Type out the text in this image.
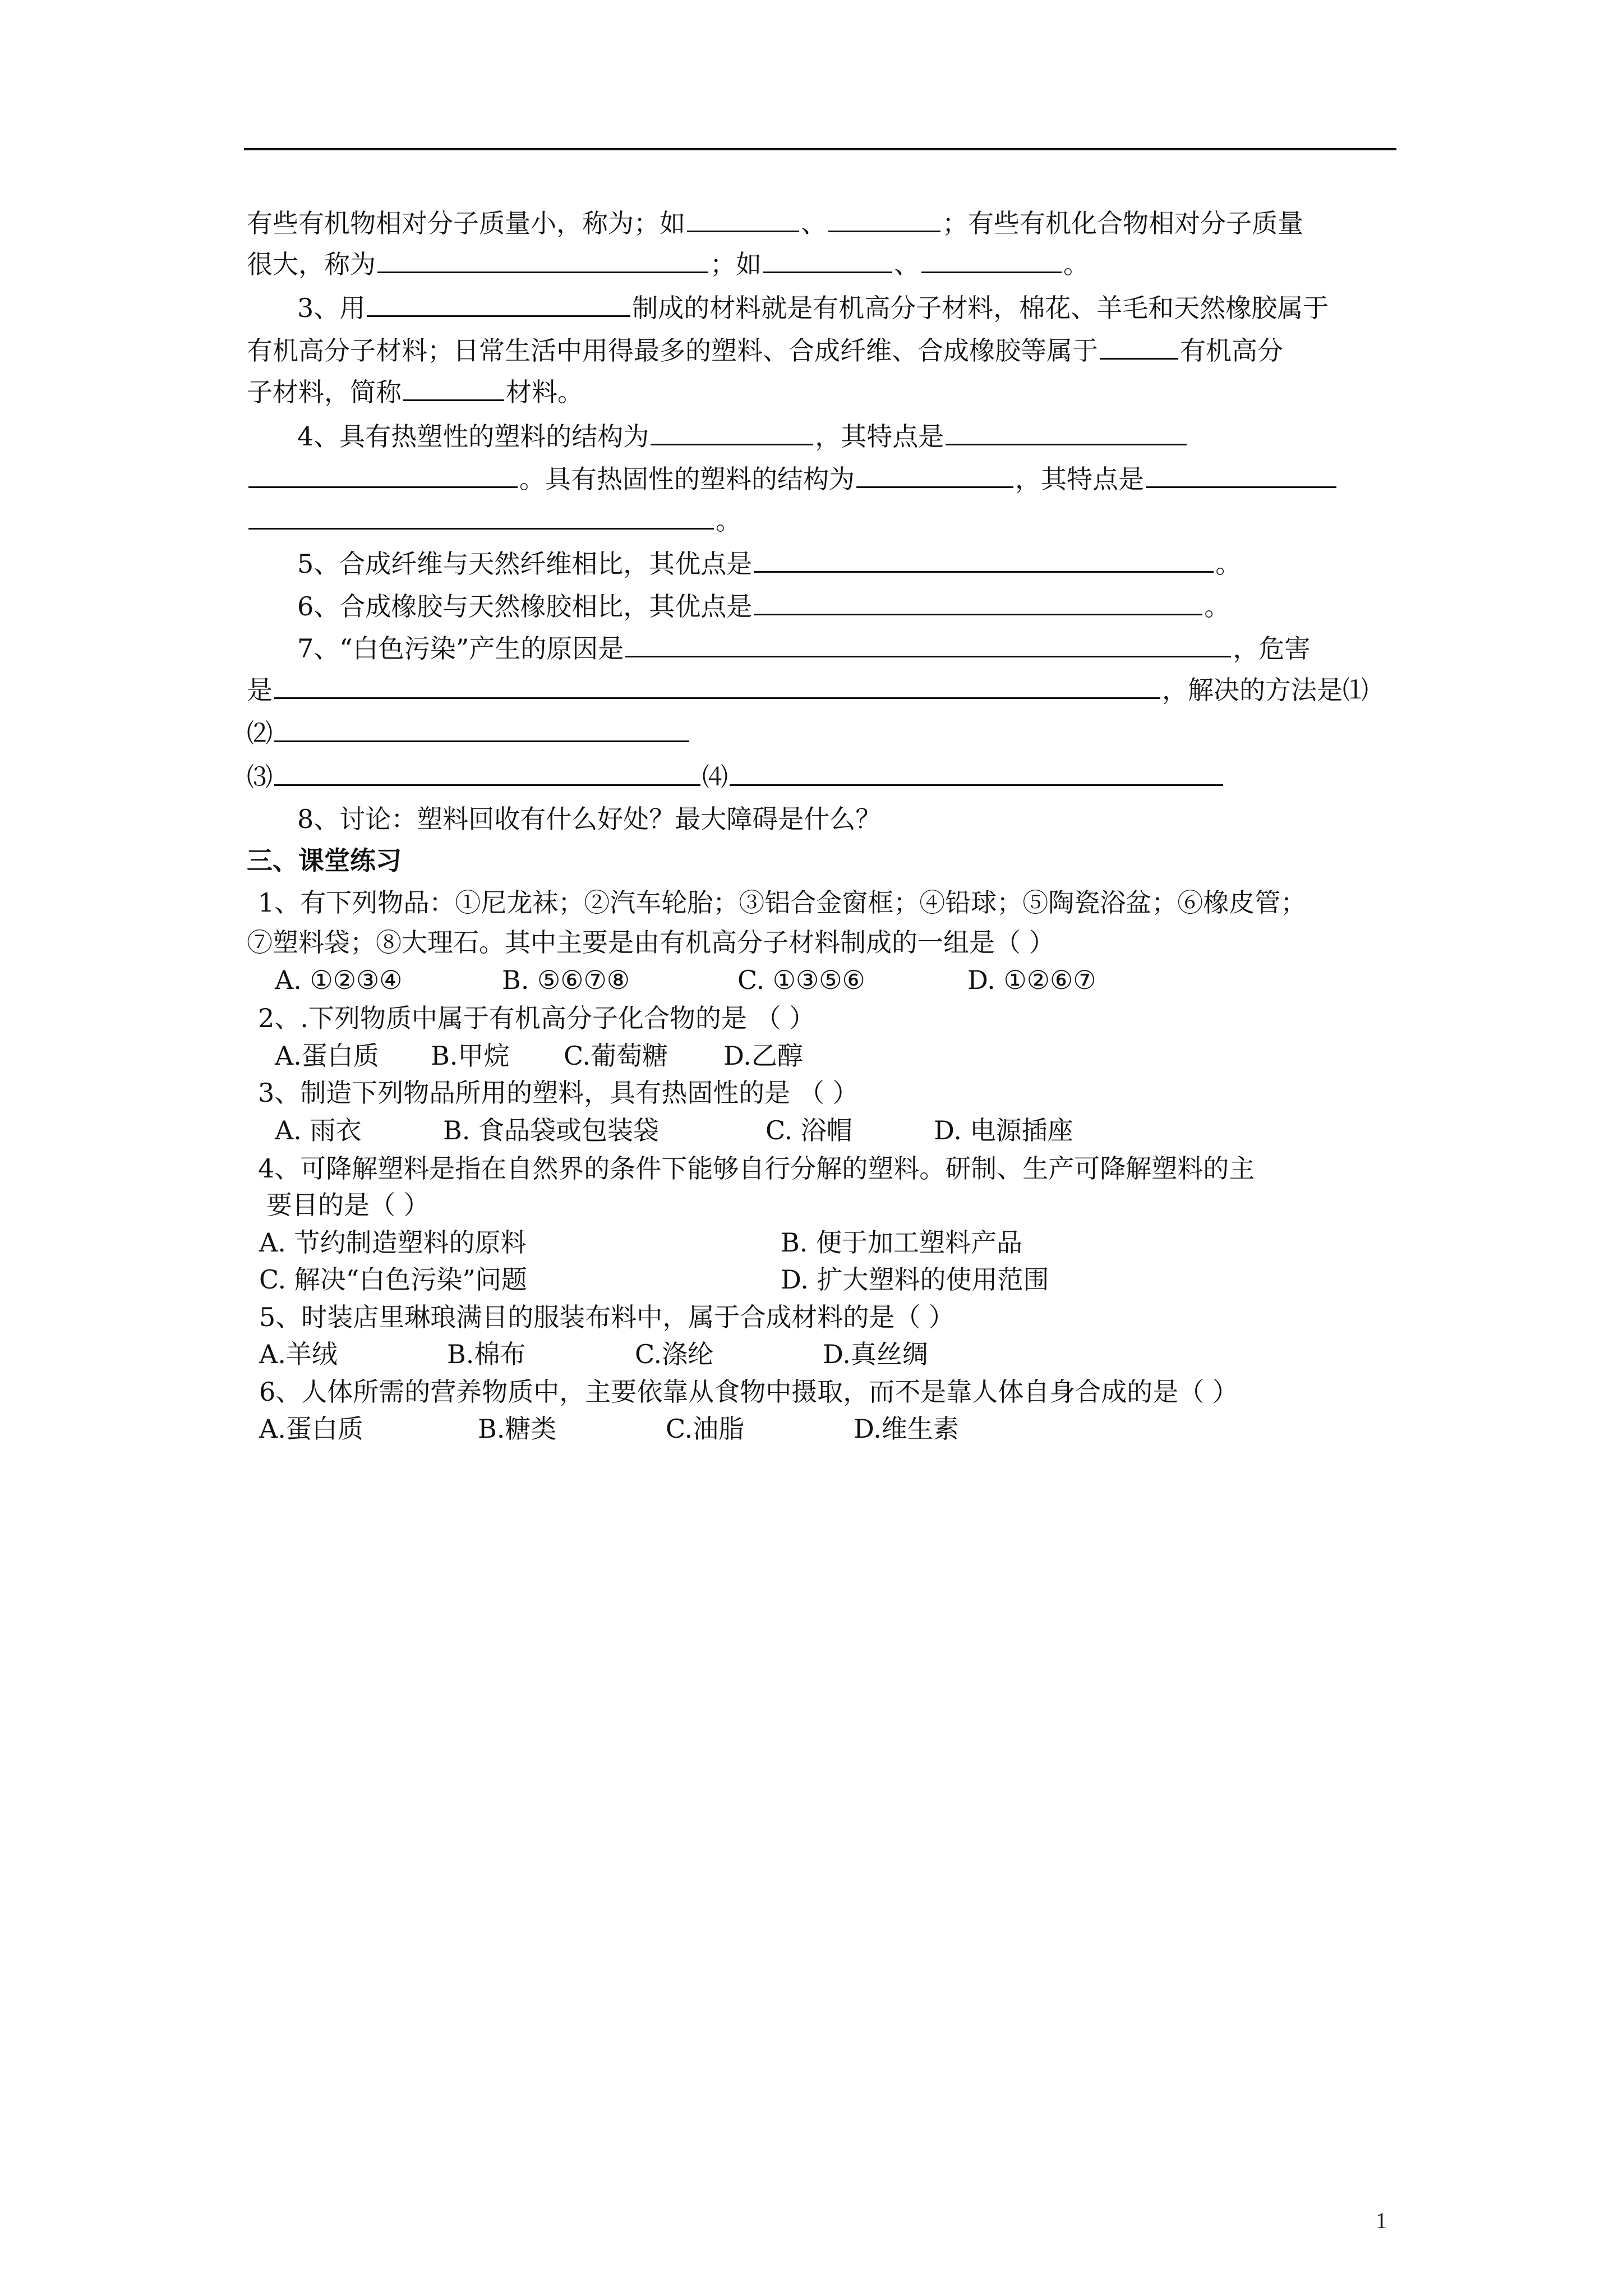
有些有机物相对分子质量小，称为；如	、	；有些有机化合物相对分子质量
很大，称为	；如	、	。
3、用	制成的材料就是有机高分子材料，棉花、羊毛和天然橡胶属于
有机高分子材料；日常生活中用得最多的塑料、合成纤维、合成橡胶等属于	有机高分
子材料，简称	材料。
4、具有热塑性的塑料的结构为	，其特点是
。具有热固性的塑料的结构为	，其特点是
。
5、合成纤维与天然纤维相比，其优点是	。
6、合成橡胶与天然橡胶相比，其优点是	。
7、“白色污染”产生的原因是	，危害
是	，解决的方法是⑴
⑵
⑶	⑷
8、讨论：塑料回收有什么好处？最大障碍是什么？
三、课堂练习
1、有下列物品：①尼龙袜；②汽车轮胎；③铝合金窗框；④铅球；⑤陶瓷浴盆；⑥橡皮管；
⑦塑料袋；⑧大理石。其中主要是由有机高分子材料制成的一组是（ ）
A. ①②③④	B. ⑤⑥⑦⑧	C. ①③⑤⑥	D. ①②⑥⑦
2、.下列物质中属于有机高分子化合物的是 （ ）
A.蛋白质 B.甲烷 C.葡萄糖 D.乙醇
3、制造下列物品所用的塑料，具有热固性的是 （ ）
A. 雨衣	B. 食品袋或包装袋	C. 浴帽	D. 电源插座
4、可降解塑料是指在自然界的条件下能够自行分解的塑料。研制、生产可降解塑料的主
要目的是（ ）
A. 节约制造塑料的原料	B. 便于加工塑料产品
C. 解决“白色污染”问题	D. 扩大塑料的使用范围
5、时装店里琳琅满目的服装布料中，属于合成材料的是（ ）
A.羊绒	B.棉布	C.涤纶	D.真丝绸
6、人体所需的营养物质中，主要依靠从食物中摄取，而不是靠人体自身合成的是（ ）
A.蛋白质	B.糖类	C.油脂	D.维生素
1
